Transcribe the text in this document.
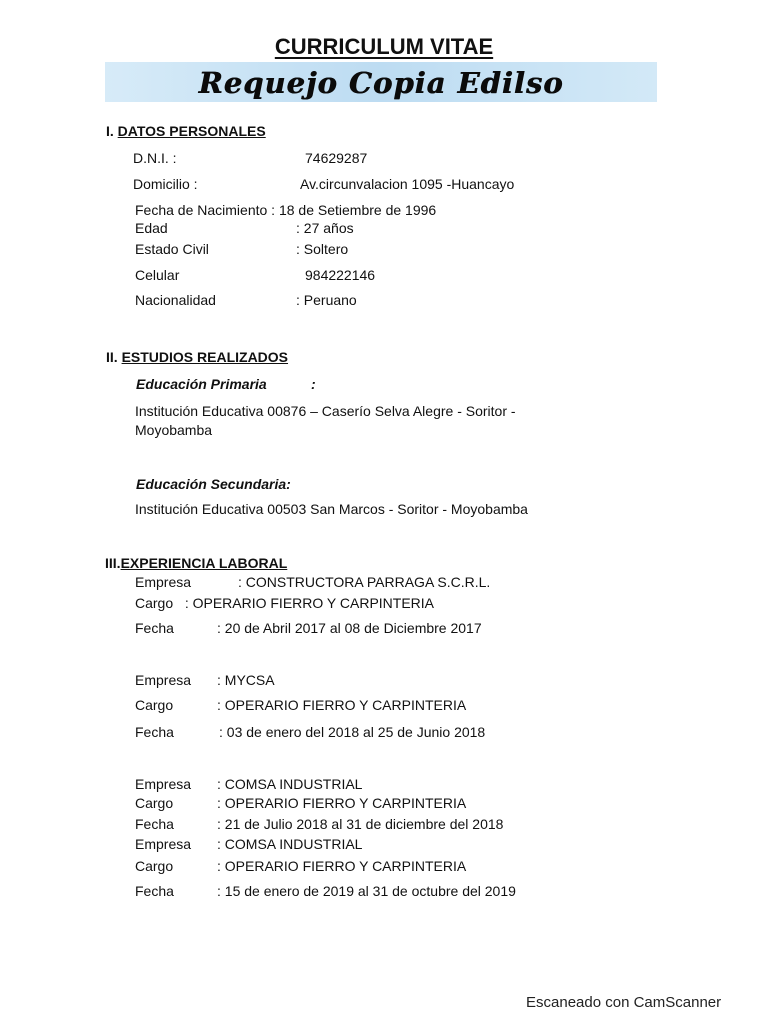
CURRICULUM VITAE
Requejo Copia Edilso
I. DATOS PERSONALES
D.N.I. :	74629287
Domicilio :	Av.circunvalacion 1095 -Huancayo
Fecha de Nacimiento : 18 de Setiembre de 1996
Edad	: 27 años
Estado Civil	: Soltero
Celular	984222146
Nacionalidad	: Peruano
II. ESTUDIOS REALIZADOS
Educación Primaria	:
Institución Educativa 00876 – Caserío Selva Alegre - Soritor - Moyobamba
Educación Secundaria:
Institución Educativa 00503 San Marcos - Soritor - Moyobamba
III.EXPERIENCIA LABORAL
Empresa	: CONSTRUCTORA PARRAGA S.C.R.L.
Cargo : OPERARIO FIERRO Y CARPINTERIA
Fecha	: 20 de Abril 2017 al 08 de Diciembre 2017
Empresa : MYCSA
Cargo	: OPERARIO FIERRO Y CARPINTERIA
Fecha	: 03 de enero del 2018 al 25 de Junio 2018
Empresa : COMSA INDUSTRIAL
Cargo	: OPERARIO FIERRO Y CARPINTERIA
Fecha	: 21 de Julio 2018 al 31 de diciembre del 2018
Empresa : COMSA INDUSTRIAL
Cargo	: OPERARIO FIERRO Y CARPINTERIA
Fecha	: 15 de enero de 2019 al 31 de octubre del 2019
Escaneado con CamScanner
